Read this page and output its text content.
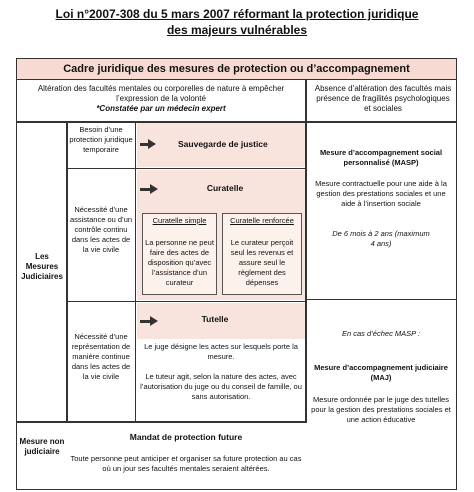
Loi n°2007-308 du 5 mars 2007 réformant la protection juridique
des majeurs vulnérables
Cadre juridique des mesures de protection ou d’accompagnement
Altération des facultés mentales ou corporelles de nature à empêcher l’expression de la volonté
*Constatée par un médecin expert
Absence d’altération des facultés mais présence de fragilités psychologiques et sociales
Les Mesures Judiciaires
Mesure non judiciaire
Besoin d’une protection juridique temporaire
Sauvegarde de justice
Nécessité d’une assistance ou d’un contrôle continu dans les actes de la vie civile
Curatelle
Curatelle simple
La personne ne peut faire des actes de disposition qu’avec l’assistance d’un curateur
Curatelle renforcée
Le curateur perçoit seul les revenus et assure seul le règlement des dépenses
Nécessité d’une représentation de manière continue dans les actes de la vie civile
Tutelle
Le juge désigne les actes sur lesquels porte la mesure.
Le tuteur agit, selon la nature des actes, avec l’autorisation du juge ou du conseil de famille, ou sans autorisation.
Mesure d’accompagnement social personnalisé (MASP)
Mesure contractuelle pour une aide à la gestion des prestations sociales et une aide à l’insertion sociale
De 6 mois à 2 ans (maximum 4 ans)
En cas d’échec MASP :
Mesure d’accompagnement judiciaire (MAJ)
Mesure ordonnée par le juge des tutelles pour la gestion des prestations sociales et une action éducative
Mandat de protection future
Toute personne peut anticiper et organiser sa future protection au cas où un jour ses facultés mentales seraient altérées.
